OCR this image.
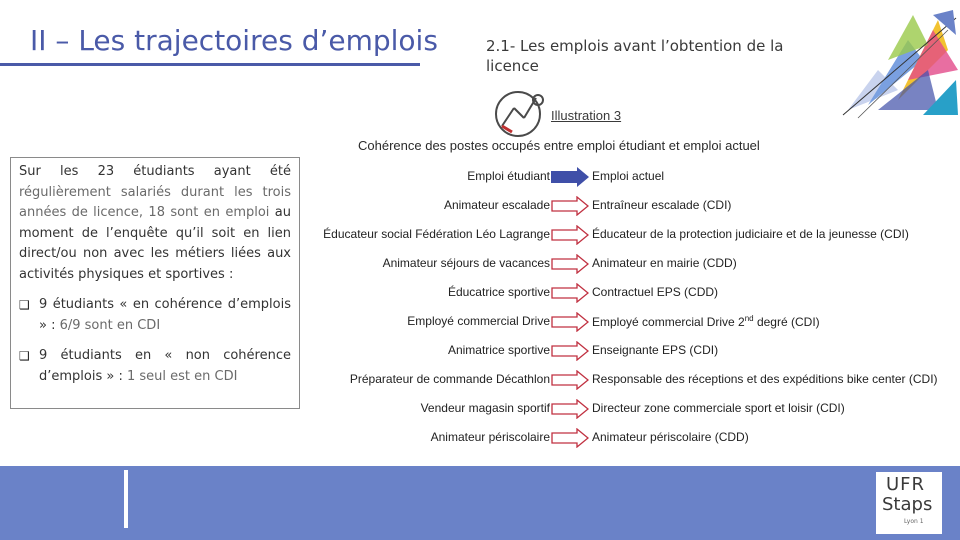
II – Les trajectoires d’emplois	2.1- Les emplois avant l’obtention de la licence
Illustration 3
Cohérence des postes occupés entre emploi étudiant et emploi actuel

Sur les 23 étudiants ayant été régulièrement salariés durant les trois années de licence, 18 sont en emploi au moment de l’enquête qu’il soit en lien direct/ou non avec les métiers liées aux activités physiques et sportives :

❑ 9 étudiants « en cohérence d’emplois » : 6/9 sont en CDI
❑ 9 étudiants en « non cohérence d’emplois » : 1 seul est en CDI
Emploi étudiant	Emploi actuel
Animateur escalade	Entraîneur escalade (CDI)
Éducateur social Fédération Léo Lagrange	Éducateur de la protection judiciaire et de la jeunesse (CDI)
Animateur séjours de vacances	Animateur en mairie (CDD)
Éducatrice sportive	Contractuel EPS (CDD)
Employé commercial Drive	Employé commercial Drive 2nd degré (CDI)
Animatrice sportive	Enseignante EPS (CDI)
Préparateur de commande Décathlon	Responsable des réceptions et des expéditions bike center (CDI)
Vendeur magasin sportif	Directeur zone commerciale sport et loisir (CDI)
Animateur périscolaire	Animateur périscolaire (CDD)
UFR
Staps
Lyon 1
